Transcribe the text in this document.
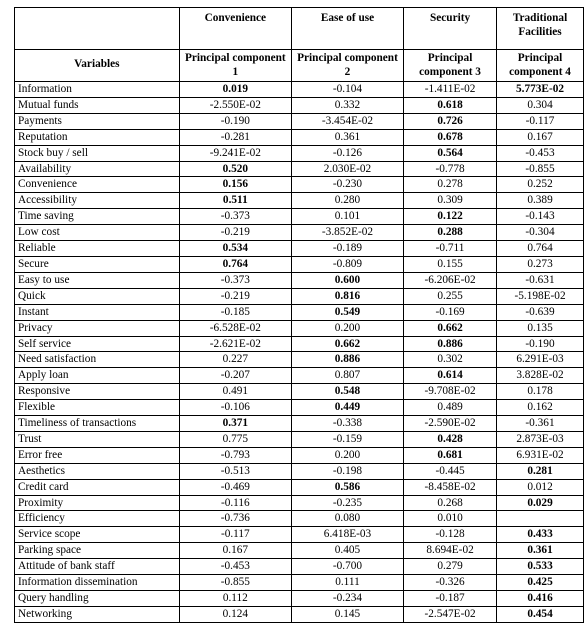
	Convenience	Ease of use	Security	Traditional Facilities
Variables	Principal component 1	Principal component 2	Principal component 3	Principal component 4
Information	0.019	-0.104	-1.411E-02	5.773E-02
Mutual funds	-2.550E-02	0.332	0.618	0.304
Payments	-0.190	-3.454E-02	0.726	-0.117
Reputation	-0.281	0.361	0.678	0.167
Stock buy / sell	-9.241E-02	-0.126	0.564	-0.453
Availability	0.520	2.030E-02	-0.778	-0.855
Convenience	0.156	-0.230	0.278	0.252
Accessibility	0.511	0.280	0.309	0.389
Time saving	-0.373	0.101	0.122	-0.143
Low cost	-0.219	-3.852E-02	0.288	-0.304
Reliable	0.534	-0.189	-0.711	0.764
Secure	0.764	-0.809	0.155	0.273
Easy to use	-0.373	0.600	-6.206E-02	-0.631
Quick	-0.219	0.816	0.255	-5.198E-02
Instant	-0.185	0.549	-0.169	-0.639
Privacy	-6.528E-02	0.200	0.662	0.135
Self service	-2.621E-02	0.662	0.886	-0.190
Need satisfaction	0.227	0.886	0.302	6.291E-03
Apply loan	-0.207	0.807	0.614	3.828E-02
Responsive	0.491	0.548	-9.708E-02	0.178
Flexible	-0.106	0.449	0.489	0.162
Timeliness of transactions	0.371	-0.338	-2.590E-02	-0.361
Trust	0.775	-0.159	0.428	2.873E-03
Error free	-0.793	0.200	0.681	6.931E-02
Aesthetics	-0.513	-0.198	-0.445	0.281
Credit card	-0.469	0.586	-8.458E-02	0.012
Proximity	-0.116	-0.235	0.268	0.029
Efficiency	-0.736	0.080	0.010	
Service scope	-0.117	6.418E-03	-0.128	0.433
Parking space	0.167	0.405	8.694E-02	0.361
Attitude of bank staff	-0.453	-0.700	0.279	0.533
Information dissemination	-0.855	0.111	-0.326	0.425
Query handling	0.112	-0.234	-0.187	0.416
Networking	0.124	0.145	-2.547E-02	0.454
